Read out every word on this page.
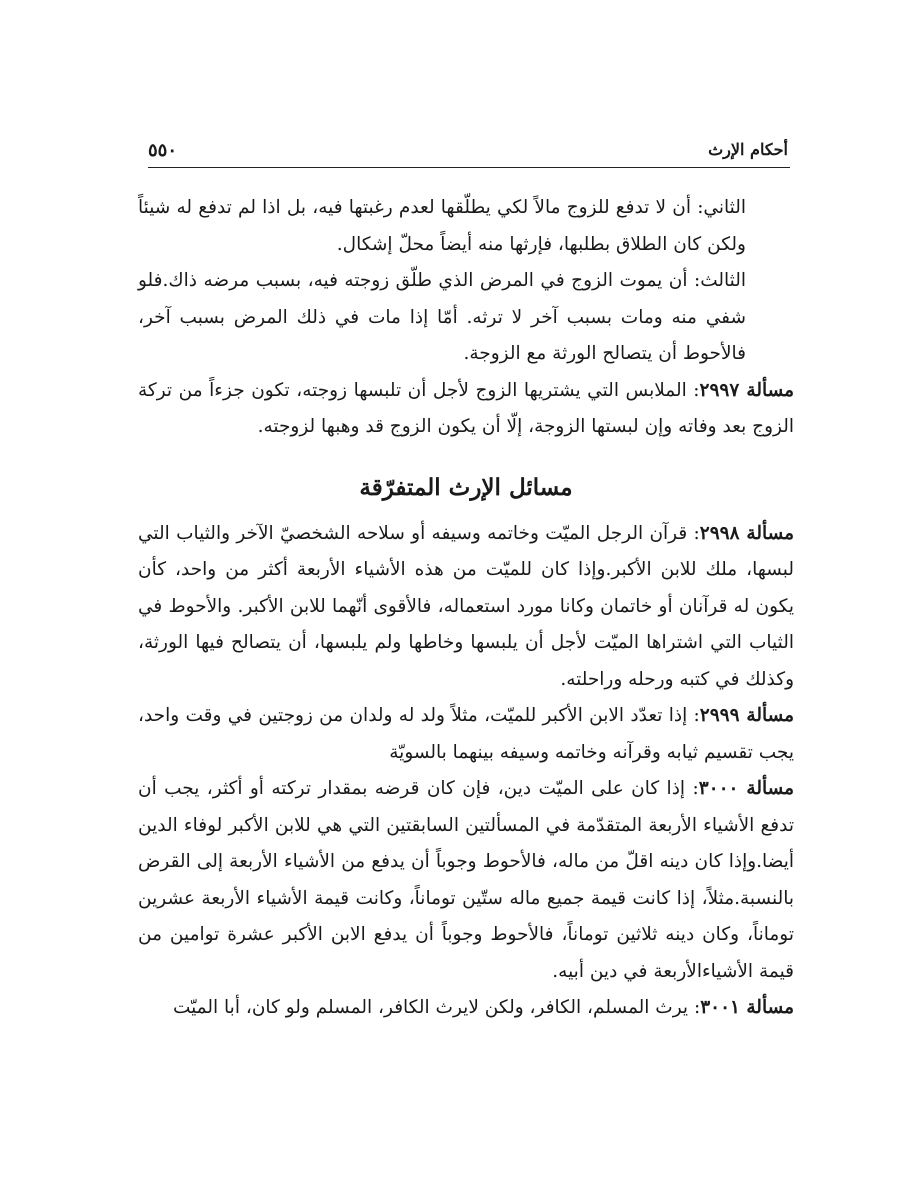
أحكام الإرث
٥٥٠

الثاني: أن لا تدفع للزوج مالاً لكي يطلّقها لعدم رغبتها فيه، بل اذا لم تدفع له شيئاً ولكن كان الطلاق بطلبها، فإرثها منه أيضاً محلّ إشكال.

الثالث: أن يموت الزوج في المرض الذي طلّق زوجته فيه، بسبب مرضه ذاك.فلو شفي منه ومات بسبب آخر لا ترثه. أمّا إذا مات في ذلك المرض بسبب آخر، فالأحوط أن يتصالح الورثة مع الزوجة.

مسألة ٢٩٩٧: الملابس التي يشتريها الزوج لأجل أن تلبسها زوجته، تكون جزءاً من تركة الزوج بعد وفاته وإن لبستها الزوجة، إلّا أن يكون الزوج قد وهبها لزوجته.

مسائل الإرث المتفرّقة

مسألة ٢٩٩٨: قرآن الرجل الميّت وخاتمه وسيفه أو سلاحه الشخصيّ الآخر والثياب التي لبسها، ملك للابن الأكبر.وإذا كان للميّت من هذه الأشياء الأربعة أكثر من واحد، كأن يكون له قرآنان أو خاتمان وكانا مورد استعماله، فالأقوى أنّهما للابن الأكبر. والأحوط في الثياب التي اشتراها الميّت لأجل أن يلبسها وخاطها ولم يلبسها، أن يتصالح فيها الورثة، وكذلك في كتبه ورحله وراحلته.

مسألة ٢٩٩٩: إذا تعدّد الابن الأكبر للميّت، مثلاً ولد له ولدان من زوجتين في وقت واحد، يجب تقسيم ثيابه وقرآنه وخاتمه وسيفه بينهما بالسويّة

مسألة ٣٠٠٠: إذا كان على الميّت دين، فإن كان قرضه بمقدار تركته أو أكثر، يجب أن تدفع الأشياء الأربعة المتقدّمة في المسألتين السابقتين التي هي للابن الأكبر لوفاء الدين أيضا.وإذا كان دينه اقلّ من ماله، فالأحوط وجوباً أن يدفع من الأشياء الأربعة إلى القرض بالنسبة.مثلاً، إذا كانت قيمة جميع ماله ستّين توماناً، وكانت قيمة الأشياء الأربعة عشرين توماناً، وكان دينه ثلاثين توماناً، فالأحوط وجوباً أن يدفع الابن الأكبر عشرة توامين من قيمة الأشياءالأربعة في دين أبيه.

مسألة ٣٠٠١: يرث المسلم، الكافر، ولكن لايرث الكافر، المسلم ولو كان، أبا الميّت
